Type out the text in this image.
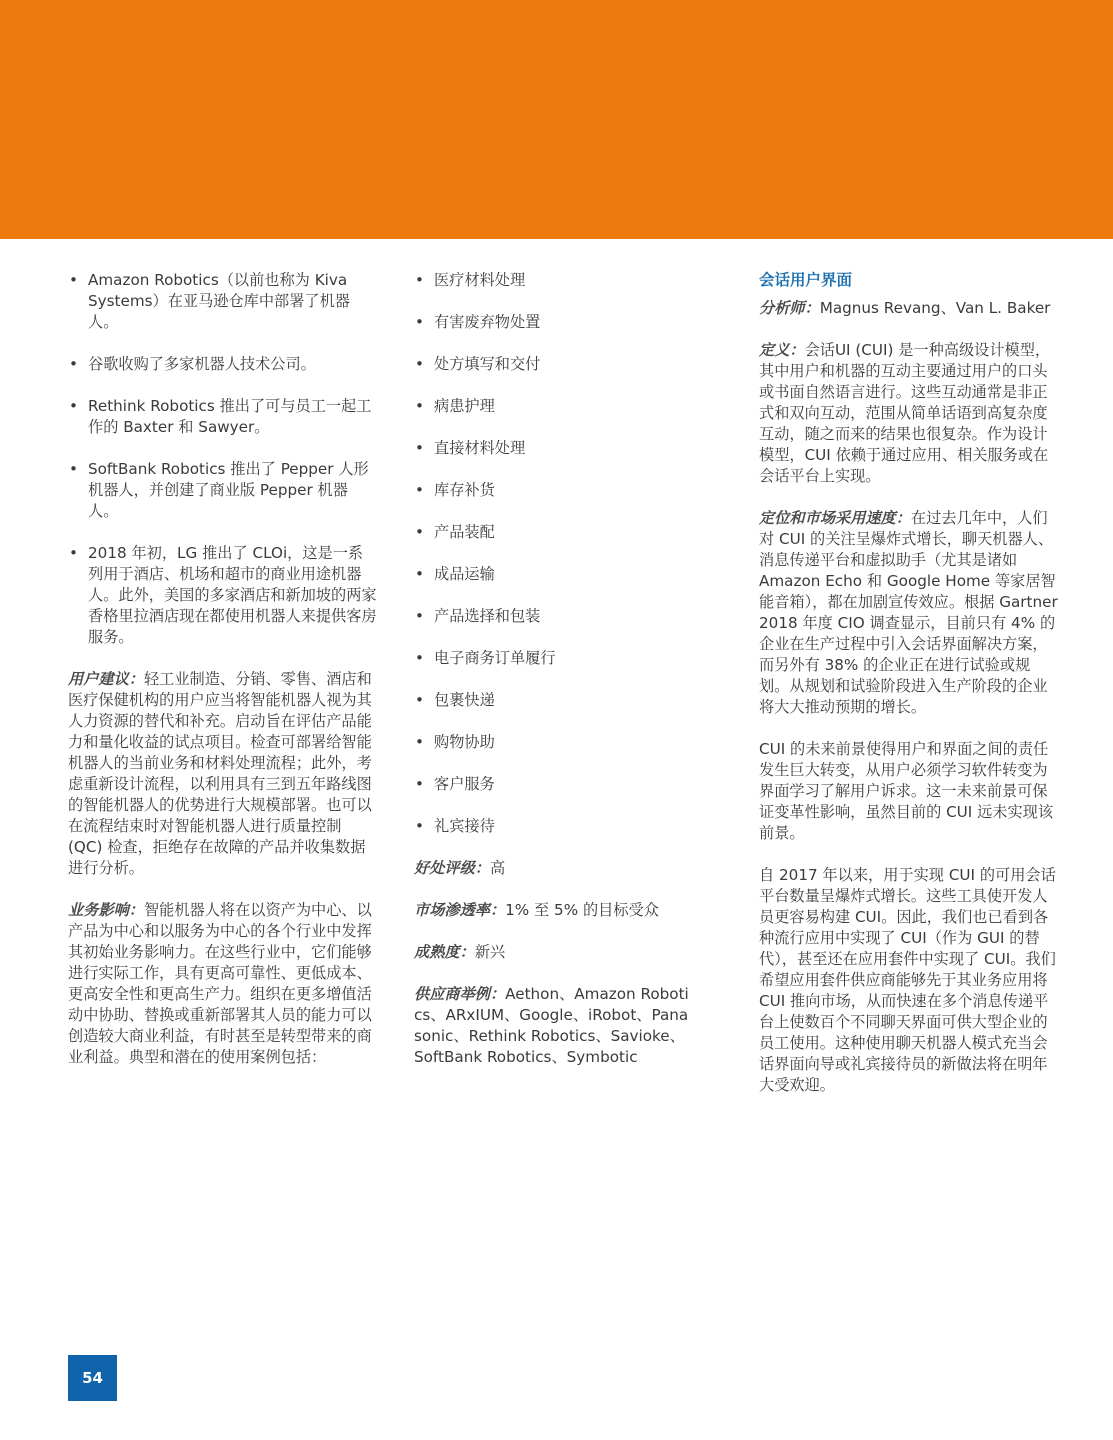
• Amazon Robotics（以前也称为 Kiva Systems）在亚马逊仓库中部署了机器人。
• 谷歌收购了多家机器人技术公司。
• Rethink Robotics 推出了可与员工一起工作的 Baxter 和 Sawyer。
• SoftBank Robotics 推出了 Pepper 人形机器人，并创建了商业版 Pepper 机器人。
• 2018 年初，LG 推出了 CLOi，这是一系列用于酒店、机场和超市的商业用途机器人。此外，美国的多家酒店和新加坡的两家香格里拉酒店现在都使用机器人来提供客房服务。

用户建议：轻工业制造、分销、零售、酒店和医疗保健机构的用户应当将智能机器人视为其人力资源的替代和补充。启动旨在评估产品能力和量化收益的试点项目。检查可部署给智能机器人的当前业务和材料处理流程；此外，考虑重新设计流程，以利用具有三到五年路线图的智能机器人的优势进行大规模部署。也可以在流程结束时对智能机器人进行质量控制 (QC) 检查，拒绝存在故障的产品并收集数据进行分析。

业务影响：智能机器人将在以资产为中心、以产品为中心和以服务为中心的各个行业中发挥其初始业务影响力。在这些行业中，它们能够进行实际工作，具有更高可靠性、更低成本、更高安全性和更高生产力。组织在更多增值活动中协助、替换或重新部署其人员的能力可以创造较大商业利益，有时甚至是转型带来的商业利益。典型和潜在的使用案例包括：

• 医疗材料处理
• 有害废弃物处置
• 处方填写和交付
• 病患护理
• 直接材料处理
• 库存补货
• 产品装配
• 成品运输
• 产品选择和包装
• 电子商务订单履行
• 包裹快递
• 购物协助
• 客户服务
• 礼宾接待

好处评级：高

市场渗透率：1% 至 5% 的目标受众

成熟度：新兴

供应商举例：Aethon、Amazon Robotics、ARxIUM、Google、iRobot、Panasonic、Rethink Robotics、Savioke、SoftBank Robotics、Symbotic

会话用户界面

分析师：Magnus Revang、Van L. Baker

定义：会话UI (CUI) 是一种高级设计模型，其中用户和机器的互动主要通过用户的口头或书面自然语言进行。这些互动通常是非正式和双向互动，范围从简单话语到高复杂度互动，随之而来的结果也很复杂。作为设计模型，CUI 依赖于通过应用、相关服务或在会话平台上实现。

定位和市场采用速度：在过去几年中，人们对 CUI 的关注呈爆炸式增长，聊天机器人、消息传递平台和虚拟助手（尤其是诸如 Amazon Echo 和 Google Home 等家居智能音箱），都在加剧宣传效应。根据 Gartner 2018 年度 CIO 调查显示，目前只有 4% 的企业在生产过程中引入会话界面解决方案，而另外有 38% 的企业正在进行试验或规划。从规划和试验阶段进入生产阶段的企业将大大推动预期的增长。

CUI 的未来前景使得用户和界面之间的责任发生巨大转变，从用户必须学习软件转变为界面学习了解用户诉求。这一未来前景可保证变革性影响，虽然目前的 CUI 远未实现该前景。

自 2017 年以来，用于实现 CUI 的可用会话平台数量呈爆炸式增长。这些工具使开发人员更容易构建 CUI。因此，我们也已看到各种流行应用中实现了 CUI（作为 GUI 的替代），甚至还在应用套件中实现了 CUI。我们希望应用套件供应商能够先于其业务应用将 CUI 推向市场，从而快速在多个消息传递平台上使数百个不同聊天界面可供大型企业的员工使用。这种使用聊天机器人模式充当会话界面向导或礼宾接待员的新做法将在明年大受欢迎。

54
